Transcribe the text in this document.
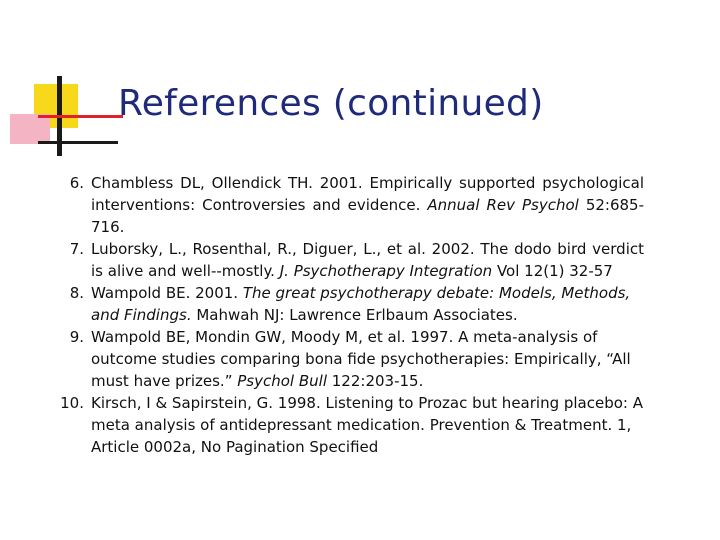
References (continued)
6. Chambless DL, Ollendick TH. 2001. Empirically supported psychological interventions: Controversies and evidence. Annual Rev Psychol 52:685-716.
7. Luborsky, L., Rosenthal, R., Diguer, L., et al. 2002. The dodo bird verdict is alive and well--mostly. J. Psychotherapy Integration Vol 12(1) 32-57
8. Wampold BE. 2001. The great psychotherapy debate: Models, Methods, and Findings. Mahwah NJ: Lawrence Erlbaum Associates.
9. Wampold BE, Mondin GW, Moody M, et al. 1997. A meta-analysis of outcome studies comparing bona fide psychotherapies: Empirically, “All must have prizes.” Psychol Bull 122:203-15.
10. Kirsch, I & Sapirstein, G. 1998. Listening to Prozac but hearing placebo: A meta analysis of antidepressant medication. Prevention & Treatment. 1, Article 0002a, No Pagination Specified
